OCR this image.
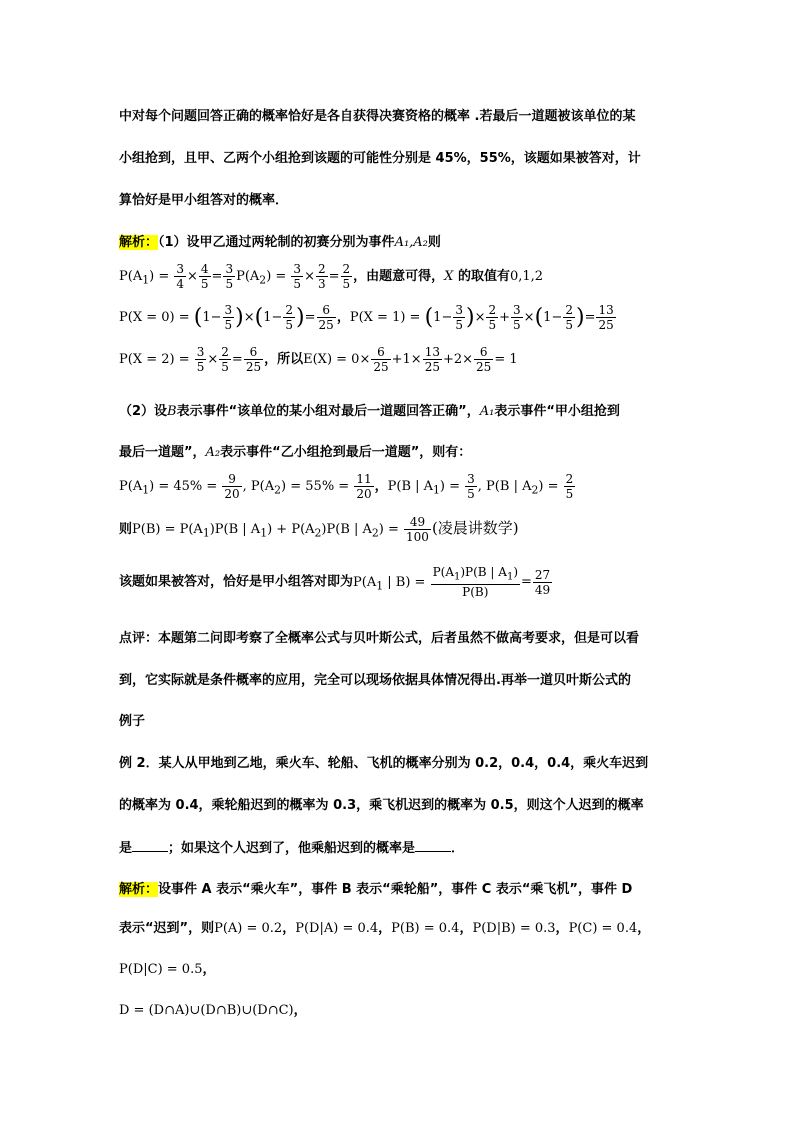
中对每个问题回答正确的概率恰好是各自获得决赛资格的概率 .若最后一道题被该单位的某
小组抢到，且甲、乙两个小组抢到该题的可能性分别是 45%，55%，该题如果被答对，计
算恰好是甲小组答对的概率．
解析：（1）设甲乙通过两轮制的初赛分别为事件A₁,A₂则
$P(A_1) = \frac{3}{4} \times \frac{4}{5} = \frac{3}{5} P(A_2) = \frac{3}{5} \times \frac{2}{3} = \frac{2}{5}$ ，由题意可得，X 的取值有0,1,2
$P(X = 0) = (1- \frac{3}{5} )\times(1- \frac{2}{5}$ )= $\frac{6}{25}$ ，$P(X = 1) = (1- \frac{3}{5}$ )× $\frac{2}{5} + \frac{3}{5} \times(1- \frac{2}{5}$ )= $\frac{13}{25}$
$P(X = 2) = \frac{3}{5} \times \frac{2}{5} = \frac{6}{25}$ ，所以$E(X) = 0\times \frac{6}{25} +1\times \frac{13}{25} +2\times \frac{6}{25} = 1$
（2）设B表示事件“该单位的某小组对最后一道题回答正确”，A₁表示事件“甲小组抢到
最后一道题”，A₂表示事件“乙小组抢到最后一道题”，则有：
$P(A_1) = 45\% = \frac{9}{20}$ , $P(A_2) = 55\% = \frac{11}{20}$ ，P(B | $A_1) = \frac{3}{5}$ , P(B | $A_2) = \frac{2}{5}$
则$P(B) = P(A_1)P(B$ | $A_1) + P(A_2)P(B$ | $A_2) = \frac{49}{100}$ (凌晨讲数学)
该题如果被答对，恰好是甲小组答对即为$P(A_1$ | $B) = \frac{P(A_1)P(B | A_1)}{P(B)} = \frac{27}{49}$
点评：本题第二问即考察了全概率公式与贝叶斯公式，后者虽然不做高考要求，但是可以看
到，它实际就是条件概率的应用，完全可以现场依据具体情况得出.再举一道贝叶斯公式的
例子
例 2．某人从甲地到乙地，乘火车、轮船、飞机的概率分别为 0.2，0.4，0.4，乘火车迟到
的概率为 0.4，乘轮船迟到的概率为 0.3，乘飞机迟到的概率为 0.5，则这个人迟到的概率
是	；如果这个人迟到了，他乘船迟到的概率是	．
解析：设事件 A 表示“乘火车”，事件 B 表示“乘轮船”，事件 C 表示“乘飞机”，事件 D
表示“迟到”，则P(A) = 0.2，P(D|A) = 0.4，P(B) = 0.4，P(D|B) = 0.3，P(C) = 0.4，
P(D|C) = 0.5，
D = (D∩A)∪(D∩B)∪(D∩C)，
